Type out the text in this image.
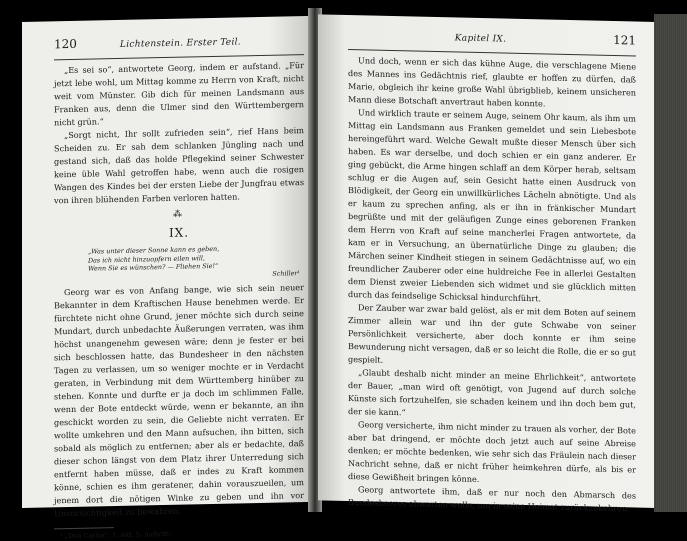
120	Lichtenstein. Erster Teil.

„Es sei so“, antwortete Georg, indem er aufstand. „Für jetzt lebe wohl, um Mittag komme zu Herrn von Kraft, nicht weit vom Münster. Gib dich für meinen Landsmann aus Franken aus, denn die Ulmer sind den Württembergern nicht grün.“

„Sorgt nicht, Ihr sollt zufrieden sein“, rief Hans beim Scheiden zu. Er sah dem schlanken Jüngling nach und gestand sich, daß das holde Pflegekind seiner Schwester keine üble Wahl getroffen habe, wenn auch die rosigen Wangen des Kindes bei der ersten Liebe der Jungfrau etwas von ihren blühenden Farben verloren hatten.

⁂
IX.
„Was unter dieser Sonne kann es geben,
Das ich nicht hinzuopfern eilen will,
Wenn Sie es wünschen? — Fliehen Sie!“
Schiller¹

Georg war es von Anfang bange, wie sich sein neuer Bekannter in dem Kraftischen Hause benehmen werde. Er fürchtete nicht ohne Grund, jener möchte sich durch seine Mundart, durch unbedachte Äußerungen verraten, was ihm höchst unangenehm gewesen wäre; denn je fester er bei sich beschlossen hatte, das Bundesheer in den nächsten Tagen zu verlassen, um so weniger mochte er in Verdacht geraten, in Verbindung mit dem Württemberg hinüber zu stehen. Konnte und durfte er ja doch im schlimmen Falle, wenn der Bote entdeckt würde, wenn er bekannte, an ihn geschickt worden zu sein, die Geliebte nicht verraten. Er wollte umkehren und den Mann aufsuchen, ihn bitten, sich sobald als möglich zu entfernen; aber als er bedachte, daß dieser schon längst von dem Platz ihrer Unterredung sich entfernt haben müsse, daß er indes zu Kraft kommen könne, schien es ihm geratener, dahin vorauszueilen, um jenem dort die nötigen Winke zu geben und ihn vor Unvorsichtigkeit zu bewahren.

¹ „Don Carlos“, 1. Akt, 5. Auftritt.
Kapitel IX.	121

Und doch, wenn er sich das kühne Auge, die verschlagene Miene des Mannes ins Gedächtnis rief, glaubte er hoffen zu dürfen, daß Marie, obgleich ihr keine große Wahl übrigblieb, keinem unsicheren Mann diese Botschaft anvertraut haben konnte.

Und wirklich traute er seinem Auge, seinem Ohr kaum, als ihm um Mittag ein Landsmann aus Franken gemeldet und sein Liebesbote hereingeführt ward. Welche Gewalt mußte dieser Mensch über sich haben. Es war derselbe, und doch schien er ein ganz anderer. Er ging gebückt, die Arme hingen schlaff an dem Körper herab, seltsam schlug er die Augen auf, sein Gesicht hatte einen Ausdruck von Blödigkeit, der Georg ein unwillkürliches Lächeln abnötigte. Und als er kaum zu sprechen anfing, als er ihn in fränkischer Mundart begrüßte und mit der geläufigen Zunge eines geborenen Franken dem Herrn von Kraft auf seine mancherlei Fragen antwortete, da kam er in Versuchung, an übernatürliche Dinge zu glauben; die Märchen seiner Kindheit stiegen in seinem Gedächtnisse auf, wo ein freundlicher Zauberer oder eine huldreiche Fee in allerlei Gestalten dem Dienst zweier Liebenden sich widmet und sie glücklich mitten durch das feindselige Schicksal hindurchführt.

Der Zauber war zwar bald gelöst, als er mit dem Boten auf seinem Zimmer allein war und ihn der gute Schwabe von seiner Persönlichkeit versicherte, aber doch konnte er ihm seine Bewunderung nicht versagen, daß er so leicht die Rolle, die er so gut gespielt.

„Glaubt deshalb nicht minder an meine Ehrlichkeit“, antwortete der Bauer, „man wird oft genötigt, von Jugend auf durch solche Künste sich fortzuhelfen, sie schaden keinem und ihn doch bem gut, der sie kann.“

Georg versicherte, ihm nicht minder zu trauen als vorher, der Bote aber bat dringend, er möchte doch jetzt auch auf seine Abreise denken; er möchte bedenken, wie sehr sich das Fräulein nach dieser Nachricht sehne, daß er nicht früher heimkehren dürfe, als bis er diese Gewißheit bringen könne.

Georg antwortete ihm, daß er nur noch den Abmarsch des Bundesheeres abwarten wolle, um in seine Heimat zurückzukehren.
